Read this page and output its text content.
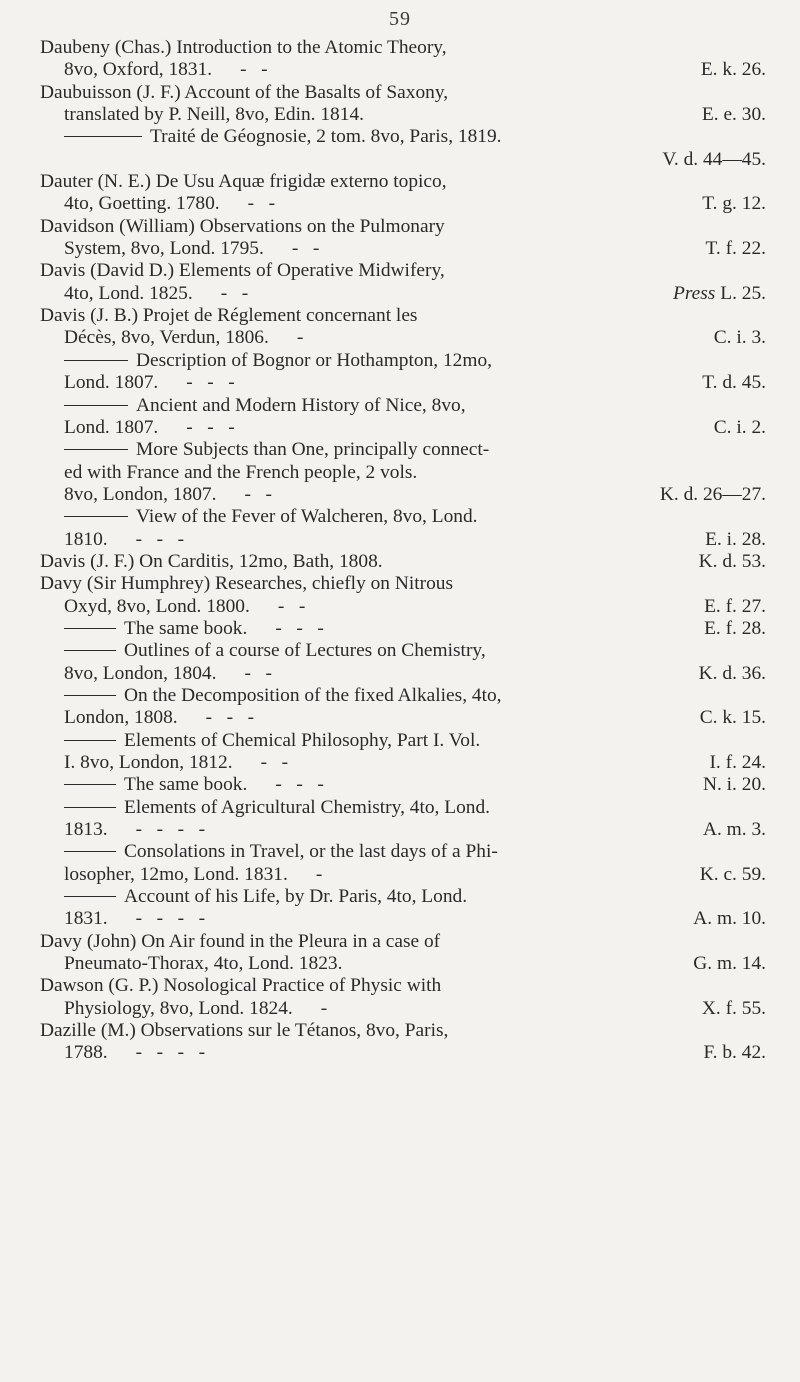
59
Daubeny (Chas.) Introduction to the Atomic Theory,
8vo, Oxford, 1831. -   -	E. k. 26.
Daubuisson (J. F.) Account of the Basalts of Saxony,
translated by P. Neill, 8vo, Edin. 1814.	E. e. 30.
Traité de Géognosie, 2 tom. 8vo, Paris, 1819.
V. d. 44—45.
Dauter (N. E.) De Usu Aquæ frigidæ externo topico,
4to, Goetting. 1780. -   -	T. g. 12.
Davidson (William) Observations on the Pulmonary
System, 8vo, Lond. 1795. -   -	T. f. 22.
Davis (David D.) Elements of Operative Midwifery,
4to, Lond. 1825. -   -	Press L. 25.
Davis (J. B.) Projet de Réglement concernant les
Décès, 8vo, Verdun, 1806. -	C. i. 3.
Description of Bognor or Hothampton, 12mo,
Lond. 1807. -   -   -	T. d. 45.
Ancient and Modern History of Nice, 8vo,
Lond. 1807. -   -   -	C. i. 2.
More Subjects than One, principally connect-
ed with France and the French people, 2 vols.
8vo, London, 1807. -   -	K. d. 26—27.
View of the Fever of Walcheren, 8vo, Lond.
1810. -   -   -	E. i. 28.
Davis (J. F.) On Carditis, 12mo, Bath, 1808.	K. d. 53.
Davy (Sir Humphrey) Researches, chiefly on Nitrous
Oxyd, 8vo, Lond. 1800. -   -	E. f. 27.
The same book. -   -   -	E. f. 28.
Outlines of a course of Lectures on Chemistry,
8vo, London, 1804. -   -	K. d. 36.
On the Decomposition of the fixed Alkalies, 4to,
London, 1808. -   -   -	C. k. 15.
Elements of Chemical Philosophy, Part I. Vol.
I. 8vo, London, 1812. -   -	I. f. 24.
The same book. -   -   -	N. i. 20.
Elements of Agricultural Chemistry, 4to, Lond.
1813. -   -   -   -	A. m. 3.
Consolations in Travel, or the last days of a Phi-
losopher, 12mo, Lond. 1831. -	K. c. 59.
Account of his Life, by Dr. Paris, 4to, Lond.
1831. -   -   -   -	A. m. 10.
Davy (John) On Air found in the Pleura in a case of
Pneumato-Thorax, 4to, Lond. 1823.	G. m. 14.
Dawson (G. P.) Nosological Practice of Physic with
Physiology, 8vo, Lond. 1824. -	X. f. 55.
Dazille (M.) Observations sur le Tétanos, 8vo, Paris,
1788. -   -   -   -	F. b. 42.
